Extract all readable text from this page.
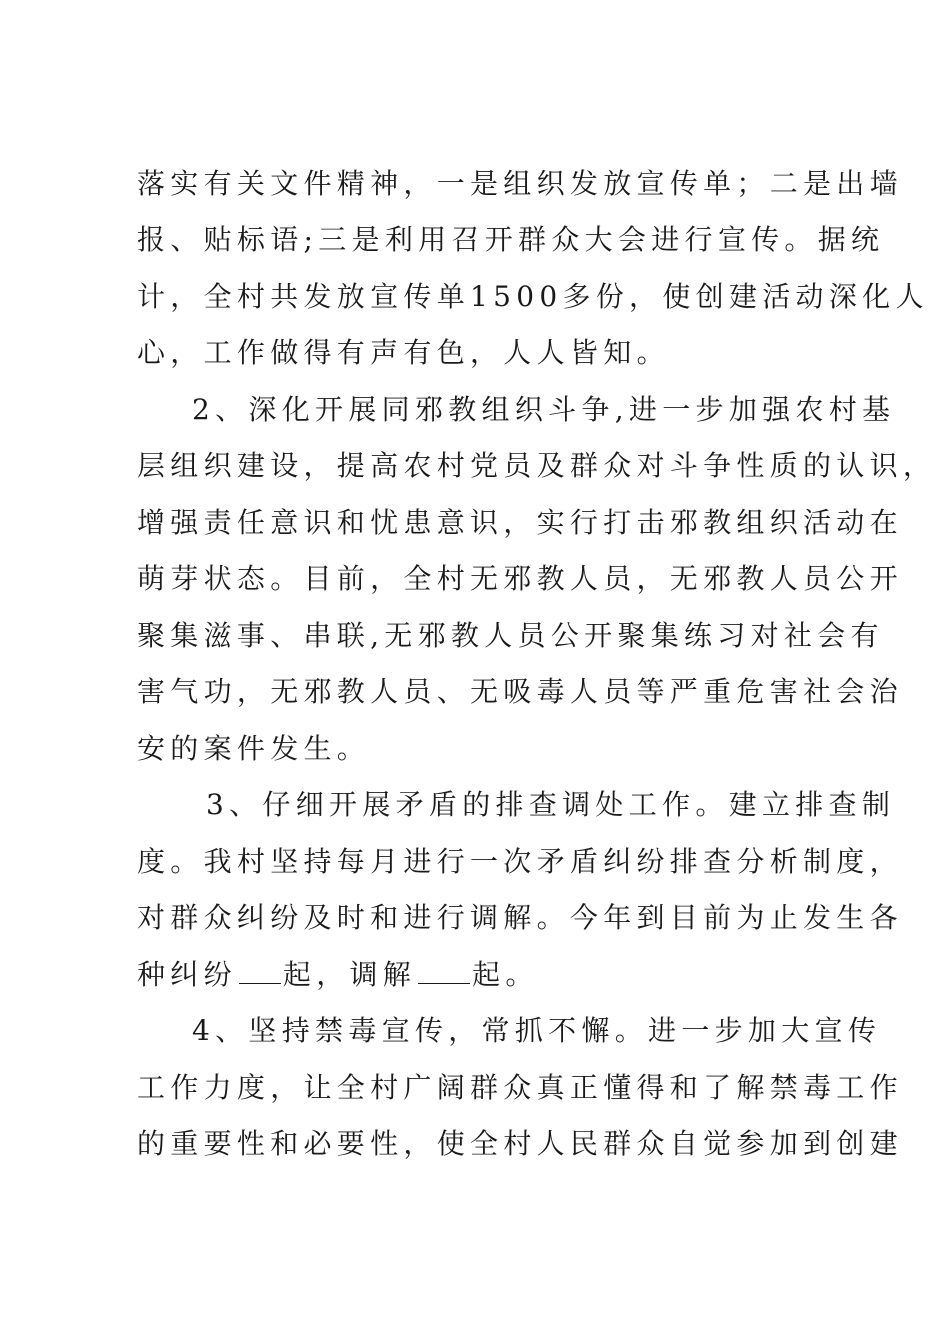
落实有关文件精神，一是组织发放宣传单；二是出墙
报、贴标语;三是利用召开群众大会进行宣传。据统
计，全村共发放宣传单1500多份，使创建活动深化人
心，工作做得有声有色，人人皆知。
2、深化开展同邪教组织斗争,进一步加强农村基
层组织建设，提高农村党员及群众对斗争性质的认识，
增强责任意识和忧患意识，实行打击邪教组织活动在
萌芽状态。目前，全村无邪教人员，无邪教人员公开
聚集滋事、串联,无邪教人员公开聚集练习对社会有
害气功，无邪教人员、无吸毒人员等严重危害社会治
安的案件发生。
3、仔细开展矛盾的排查调处工作。建立排查制
度。我村坚持每月进行一次矛盾纠纷排查分析制度，
对群众纠纷及时和进行调解。今年到目前为止发生各
种纠纷 起，调解 起。
4、坚持禁毒宣传，常抓不懈。进一步加大宣传
工作力度，让全村广阔群众真正懂得和了解禁毒工作
的重要性和必要性，使全村人民群众自觉参加到创建
